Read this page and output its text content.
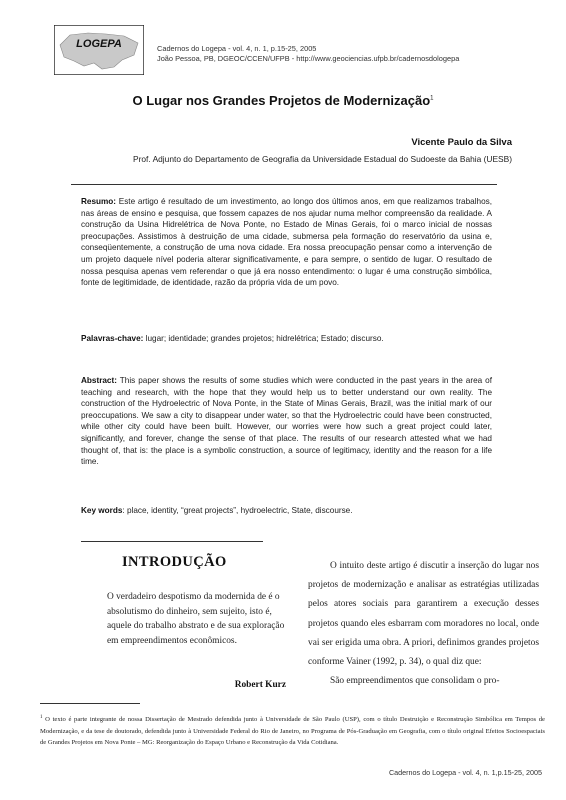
LOGEPA	Cadernos do Logepa - vol. 4, n. 1, p.15-25, 2005
João Pessoa, PB, DGEOC/CCEN/UFPB - http://www.geociencias.ufpb.br/cadernosdologepa
O Lugar nos Grandes Projetos de Modernização$^1$
Vicente Paulo da Silva
Prof. Adjunto do Departamento de Geografia da Universidade Estadual do Sudoeste da Bahia (UESB)
Resumo: Este artigo é resultado de um investimento, ao longo dos últimos anos, em que realizamos trabalhos, nas áreas de ensino e pesquisa, que fossem capazes de nos ajudar numa melhor compreensão da realidade. A construção da Usina Hidrelétrica de Nova Ponte, no Estado de Minas Gerais, foi o marco inicial de nossas preocupações. Assistimos à destruição de uma cidade, submersa pela formação do reservatório da usina e, conseqüentemente, a construção de uma nova cidade. Era nossa preocupação pensar como a intervenção de um projeto daquele nível poderia alterar significativamente, e para sempre, o sentido de lugar. O resultado de nossa pesquisa apenas vem referendar o que já era nosso entendimento: o lugar é uma construção simbólica, fonte de legitimidade, de identidade, razão da própria vida de um povo.
Palavras-chave: lugar; identidade; grandes projetos; hidrelétrica; Estado; discurso.
Abstract: This paper shows the results of some studies which were conducted in the past years in the area of teaching and research, with the hope that they would help us to better understand our own reality. The construction of the Hydroelectric of Nova Ponte, in the State of Minas Gerais, Brazil, was the initial mark of our preoccupations. We saw a city to disappear under water, so that the Hydroelectric could have been constructed, while other city could have been built. However, our worries were how such a great project could later, significantly, and forever, change the sense of that place. The results of our research attested what we had thought of, that is: the place is a symbolic construction, a source of legitimacy, identity and the reason for a life time.
Key words: place, identity, “great projects”, hydroelectric, State, discourse.
INTRODUÇÃO
O verdadeiro despotismo da modernida de é o absolutismo do dinheiro, sem sujeito, isto é, aquele do trabalho abstrato e de sua exploração em empreendimentos econômicos.
Robert Kurz

O intuito deste artigo é discutir a inserção do lugar nos projetos de modernização e analisar as estratégias utilizadas pelos atores sociais para garantirem a execução desses projetos quando eles esbarram com moradores no local, onde vai ser erigida uma obra. A priori, definimos grandes projetos conforme Vainer (1992, p. 34), o qual diz que:

São empreendimentos que consolidam o pro-

$^1$ O texto é parte integrante de nossa Dissertação de Mestrado defendida junto à Universidade de São Paulo (USP), com o título Destruição e Reconstrução Simbólica em Tempos de Modernização, e da tese de doutorado, defendida junto à Universidade Federal do Rio de Janeiro, no Programa de Pós-Graduação em Geografia, com o título original Efeitos Socioespaciais de Grandes Projetos em Nova Ponte – MG: Reorganização do Espaço Urbano e Reconstrução da Vida Cotidiana.
Cadernos do Logepa - vol. 4, n. 1,p.15-25, 2005
